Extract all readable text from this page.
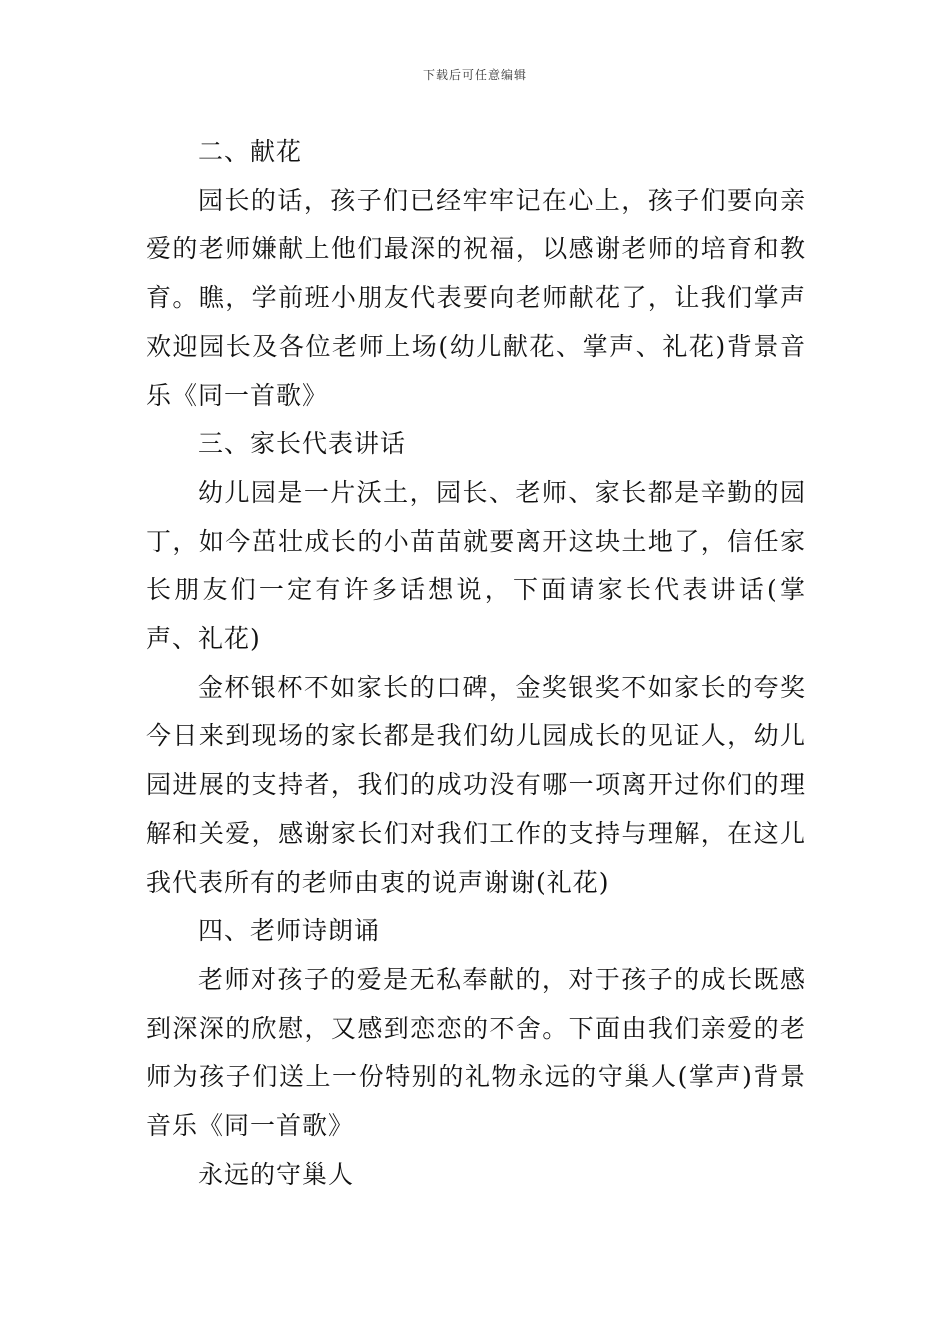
下载后可任意编辑

二、献花

园长的话，孩子们已经牢牢记在心上，孩子们要向亲爱的老师嫌献上他们最深的祝福，以感谢老师的培育和教育。瞧，学前班小朋友代表要向老师献花了，让我们掌声欢迎园长及各位老师上场(幼儿献花、掌声、礼花)背景音乐《同一首歌》

三、家长代表讲话

幼儿园是一片沃土，园长、老师、家长都是辛勤的园丁，如今茁壮成长的小苗苗就要离开这块土地了，信任家长朋友们一定有许多话想说，下面请家长代表讲话(掌声、礼花)

金杯银杯不如家长的口碑，金奖银奖不如家长的夸奖今日来到现场的家长都是我们幼儿园成长的见证人，幼儿园进展的支持者，我们的成功没有哪一项离开过你们的理解和关爱，感谢家长们对我们工作的支持与理解，在这儿我代表所有的老师由衷的说声谢谢(礼花)

四、老师诗朗诵

老师对孩子的爱是无私奉献的，对于孩子的成长既感到深深的欣慰，又感到恋恋的不舍。下面由我们亲爱的老师为孩子们送上一份特别的礼物永远的守巢人(掌声)背景音乐《同一首歌》

永远的守巢人
